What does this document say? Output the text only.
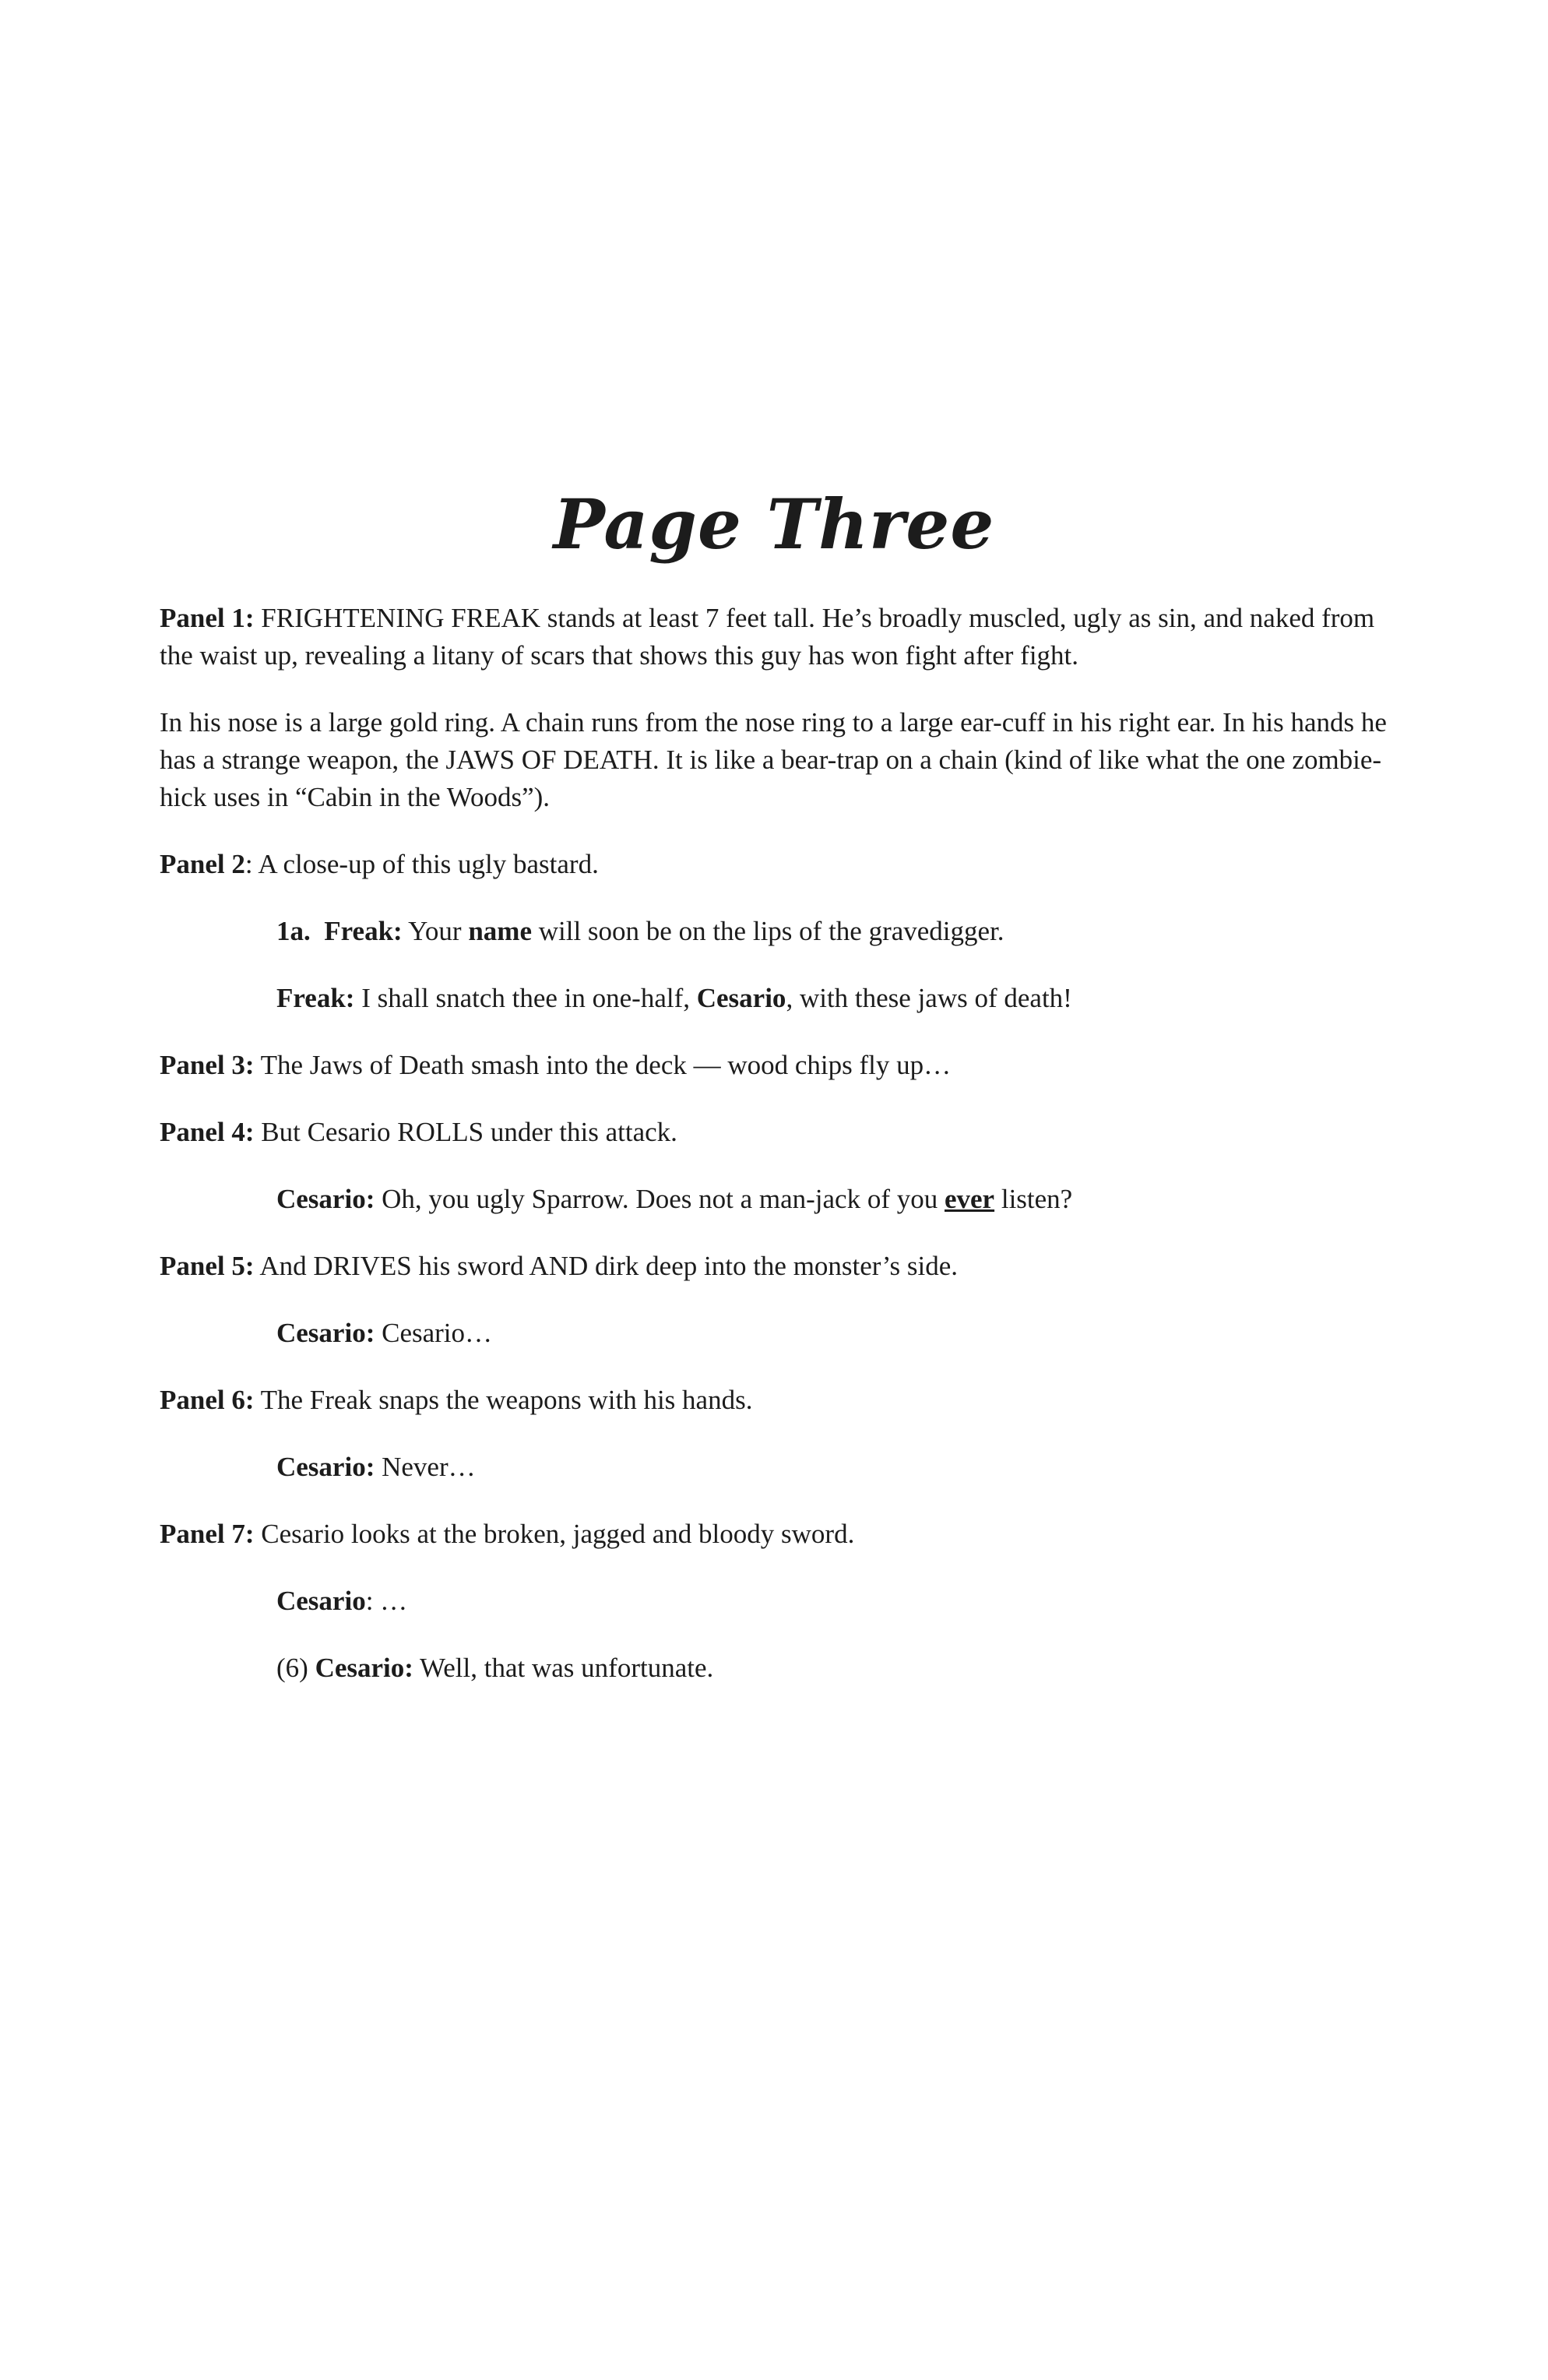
Page Three

Panel 1: FRIGHTENING FREAK stands at least 7 feet tall. He’s broadly muscled, ugly as sin, and naked from the waist up, revealing a litany of scars that shows this guy has won fight after fight.

In his nose is a large gold ring. A chain runs from the nose ring to a large ear-cuff in his right ear. In his hands he has a strange weapon, the JAWS OF DEATH. It is like a bear-trap on a chain (kind of like what the one zombie-hick uses in “Cabin in the Woods”).

Panel 2: A close-up of this ugly bastard.

1a. Freak: Your name will soon be on the lips of the gravedigger.

Freak: I shall snatch thee in one-half, Cesario, with these jaws of death!

Panel 3: The Jaws of Death smash into the deck — wood chips fly up…

Panel 4: But Cesario ROLLS under this attack.

Cesario: Oh, you ugly Sparrow. Does not a man-jack of you ever listen?

Panel 5: And DRIVES his sword AND dirk deep into the monster’s side.

Cesario: Cesario…

Panel 6: The Freak snaps the weapons with his hands.

Cesario: Never…

Panel 7: Cesario looks at the broken, jagged and bloody sword.

Cesario: …

(6) Cesario: Well, that was unfortunate.
